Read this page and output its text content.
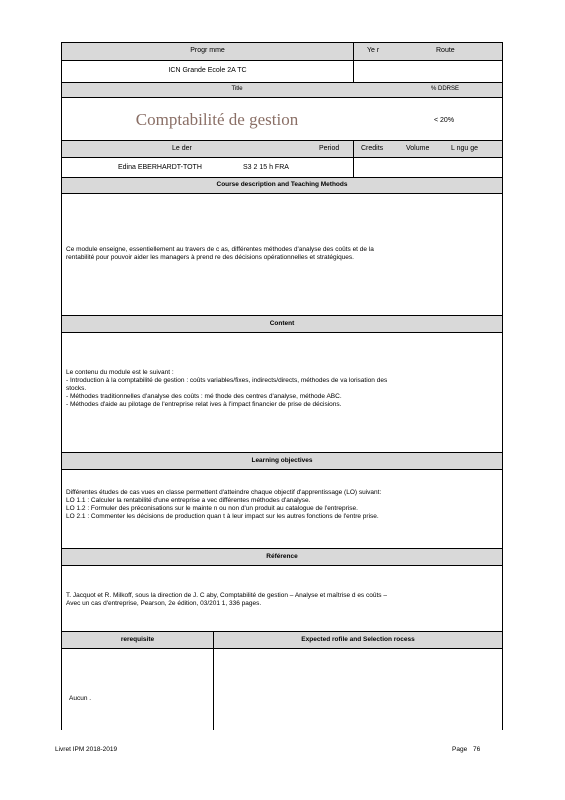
Progr mme	Ye r	Route
ICN Grande Ecole 2A TC
Title	% DDRSE
Comptabilité de gestion	< 20%
Le der	Period	Credits	Volume	L ngu ge
Edina EBERHARDT-TOTH	S3 2 15 h FRA
Course description and Teaching Methods
Ce module enseigne, essentiellement au travers de c as, différentes méthodes d'analyse des coûts et de la
rentabilité pour pouvoir aider les managers à prend re des décisions opérationnelles et stratégiques.
Content
Le contenu du module est le suivant :
- Introduction à la comptabilité de gestion : coûts variables/fixes, indirects/directs, méthodes de va lorisation des
stocks.
- Méthodes traditionnelles d'analyse des coûts : mé thode des centres d'analyse, méthode ABC.
- Méthodes d'aide au pilotage de l'entreprise relat ives à l'impact financier de prise de décisions.
Learning objectives
Différentes études de cas vues en classe permettent d'atteindre chaque objectif d'apprentissage (LO) suivant:
LO 1.1 : Calculer la rentabilité d'une entreprise a vec différentes méthodes d'analyse.
LO 1.2 : Formuler des préconisations sur le mainte n ou non d'un produit au catalogue de l'entreprise.
LO 2.1 : Commenter les décisions de production quan t à leur impact sur les autres fonctions de l'entre prise.
Référence
T. Jacquot et R. Milkoff, sous la direction de J. C aby, Comptabilité de gestion – Analyse et maîtrise d es coûts –
Avec un cas d'entreprise, Pearson, 2e édition, 03/201 1, 336 pages.
rerequisite	Expected rofile and Selection rocess
Aucun .
Livret IPM 2018-2019	Page 76
